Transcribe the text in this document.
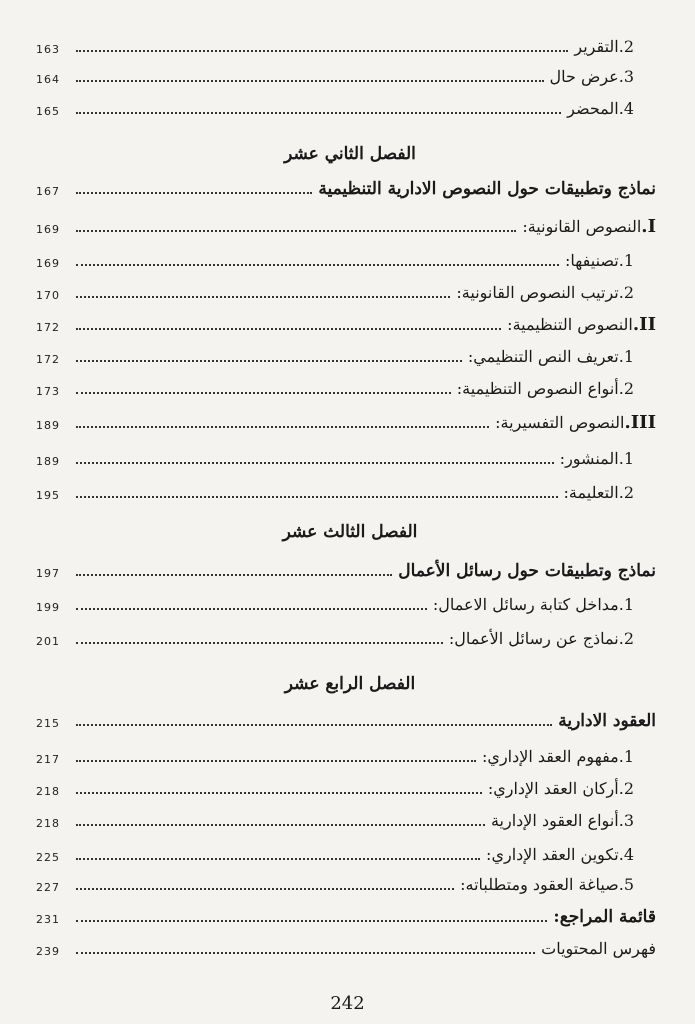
2.التقرير
163
3.عرض حال
164
4.المحضر
165
الفصل الثاني عشر
نماذج وتطبيقات حول النصوص الادارية التنظيمية
167
I.النصوص القانونية:
169
1.تصنيفها:
169
2.ترتيب النصوص القانونية:
170
II.النصوص التنظيمية:
172
1.تعريف النص التنظيمي:
172
2.أنواع النصوص التنظيمية:
173
III.النصوص التفسيرية:
189
1.المنشور:
189
2.التعليمة:
195
الفصل الثالث عشر
نماذج وتطبيقات حول رسائل الأعمال
197
1.مداخل كتابة رسائل الاعمال:
199
2.نماذج عن رسائل الأعمال:
201
الفصل الرابع عشر
العقود الادارية
215
1.مفهوم العقد الإداري:
217
2.أركان العقد الإداري:
218
3.أنواع العقود الإدارية
218
4.تكوين العقد الإداري:
225
5.صياغة العقود ومتطلباته:
227
قائمة المراجع:
231
فهرس المحتويات
239
242
